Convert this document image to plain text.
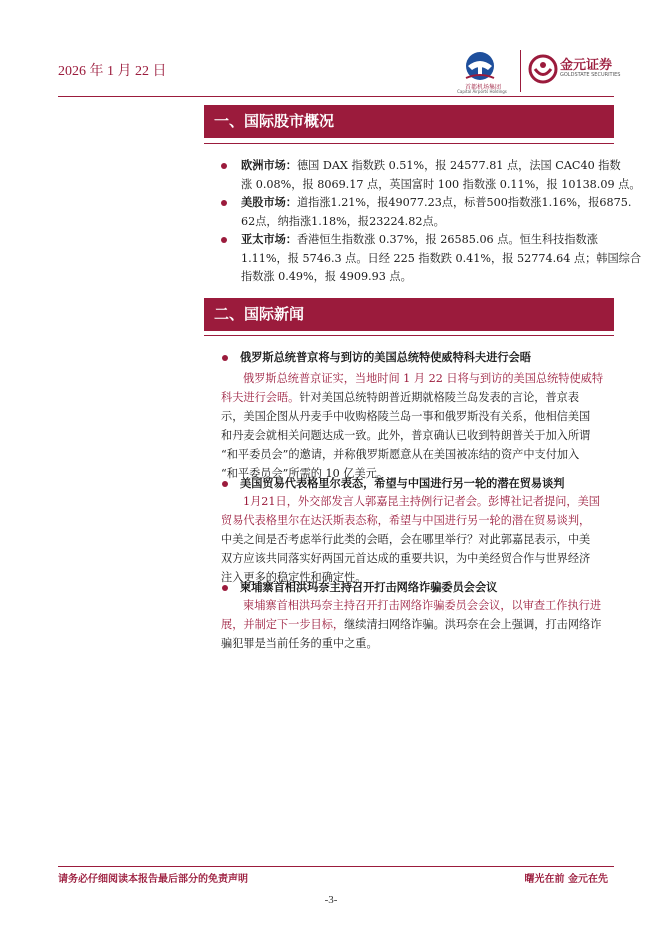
2026 年 1 月 22 日
首都机场集团
Capital Airports Holdings
金元证券
GOLDSTATE SECURITIES
一、国际股市概况
欧洲市场：德国 DAX 指数跌 0.51%，报 24577.81 点，法国 CAC40 指数
涨 0.08%，报 8069.17 点，英国富时 100 指数涨 0.11%，报 10138.09 点。
美股市场：道指涨1.21%，报49077.23点，标普500指数涨1.16%，报6875.
62点，纳指涨1.18%，报23224.82点。
亚太市场：香港恒生指数涨 0.37%，报 26585.06 点。恒生科技指数涨
1.11%，报 5746.3 点。日经 225 指数跌 0.41%，报 52774.64 点；韩国综合
指数涨 0.49%，报 4909.93 点。
二、国际新闻
俄罗斯总统普京将与到访的美国总统特使威特科夫进行会晤
俄罗斯总统普京证实，当地时间 1 月 22 日将与到访的美国总统特使威特
科夫进行会晤。针对美国总统特朗普近期就格陵兰岛发表的言论，普京表
示，美国企图从丹麦手中收购格陵兰岛一事和俄罗斯没有关系，他相信美国
和丹麦会就相关问题达成一致。此外，普京确认已收到特朗普关于加入所谓
“和平委员会”的邀请，并称俄罗斯愿意从在美国被冻结的资产中支付加入
“和平委员会”所需的 10 亿美元。
美国贸易代表格里尔表态，希望与中国进行另一轮的潜在贸易谈判
1月21日，外交部发言人郭嘉昆主持例行记者会。彭博社记者提问，美国
贸易代表格里尔在达沃斯表态称，希望与中国进行另一轮的潜在贸易谈判，
中美之间是否考虑举行此类的会晤，会在哪里举行？对此郭嘉昆表示，中美
双方应该共同落实好两国元首达成的重要共识，为中美经贸合作与世界经济
注入更多的稳定性和确定性。
柬埔寨首相洪玛奈主持召开打击网络诈骗委员会会议
柬埔寨首相洪玛奈主持召开打击网络诈骗委员会会议，以审查工作执行进
展，并制定下一步目标，继续清扫网络诈骗。洪玛奈在会上强调，打击网络诈
骗犯罪是当前任务的重中之重。
请务必仔细阅读本报告最后部分的免责声明	曙光在前 金元在先
-3-
